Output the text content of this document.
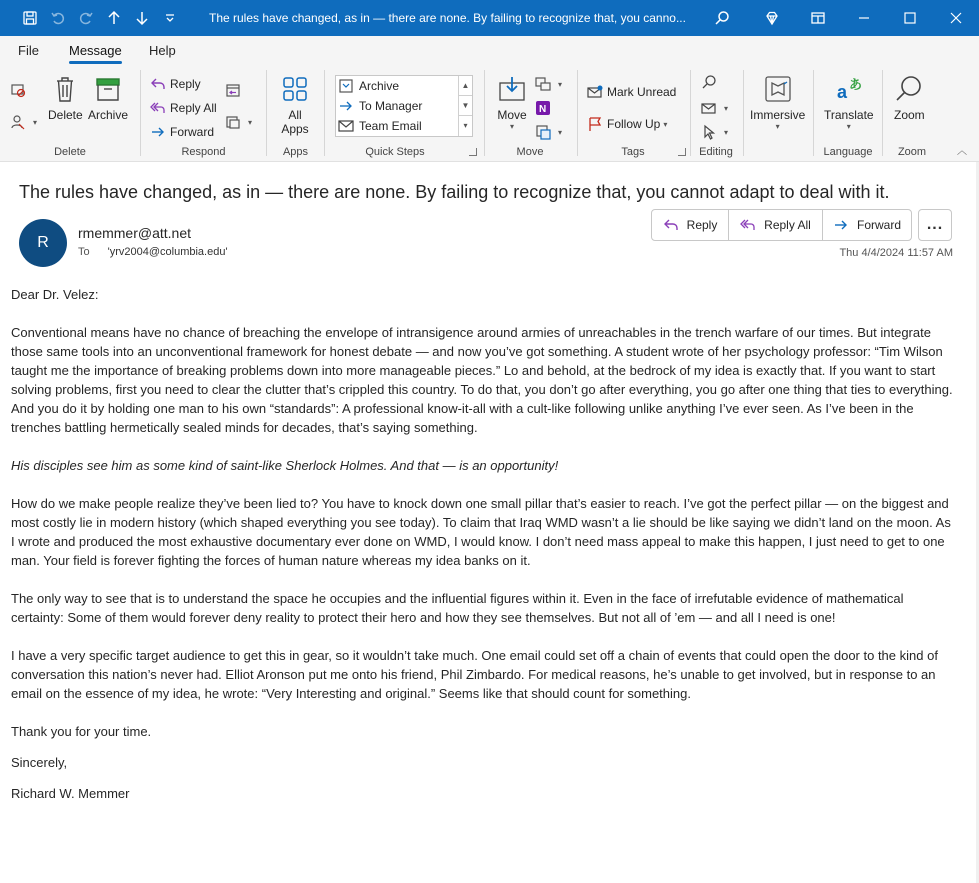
The rules have changed, as in — there are none. By failing to recognize that, you canno...
File Message Help
▾ Delete Archive
Delete
Reply
Reply All
Forward
▾
Respond
All
Apps
Apps
Archive
To Manager
Team Email
▲
▼
▾
Quick Steps
Move
▾
▾
N
▾
Move
Mark Unread
Follow Up ▾
Tags
▾
▾
Editing
Immersive
▾
a あ
Translate
▾
Language
Zoom
Zoom	︿
The rules have changed, as in — there are none. By failing to recognize that, you cannot adapt to deal with it.
R
rmemmer@att.net
To 'yrv2004@columbia.edu'
Reply	Reply All	Forward	...
Thu 4/4/2024 11:57 AM

Dear Dr. Velez:

Conventional means have no chance of breaching the envelope of intransigence around armies of unreachables in the trench warfare of our times. But integrate those same tools into an unconventional framework for honest debate — and now you’ve got something. A student wrote of her psychology professor: “Tim Wilson taught me the importance of breaking problems down into more manageable pieces.” Lo and behold, at the bedrock of my idea is exactly that. If you want to start solving problems, first you need to clear the clutter that’s crippled this country. To do that, you don’t go after everything, you go after one thing that ties to everything. And you do it by holding one man to his own “standards”: A professional know-it-all with a cult-like following unlike anything I’ve ever seen. As I’ve been in the trenches battling hermetically sealed minds for decades, that’s saying something.

His disciples see him as some kind of saint-like Sherlock Holmes. And that — is an opportunity!

How do we make people realize they’ve been lied to? You have to knock down one small pillar that’s easier to reach. I’ve got the perfect pillar — on the biggest and most costly lie in modern history (which shaped everything you see today). To claim that Iraq WMD wasn’t a lie should be like saying we didn’t land on the moon. As I wrote and produced the most exhaustive documentary ever done on WMD, I would know. I don’t need mass appeal to make this happen, I just need to get to one man. Your field is forever fighting the forces of human nature whereas my idea banks on it.

The only way to see that is to understand the space he occupies and the influential figures within it. Even in the face of irrefutable evidence of mathematical certainty: Some of them would forever deny reality to protect their hero and how they see themselves. But not all of ’em — and all I need is one!

I have a very specific target audience to get this in gear, so it wouldn’t take much. One email could set off a chain of events that could open the door to the kind of conversation this nation’s never had. Elliot Aronson put me onto his friend, Phil Zimbardo. For medical reasons, he’s unable to get involved, but in response to an email on the essence of my idea, he wrote: “Very Interesting and original.” Seems like that should count for something.

Thank you for your time.

Sincerely,

Richard W. Memmer
